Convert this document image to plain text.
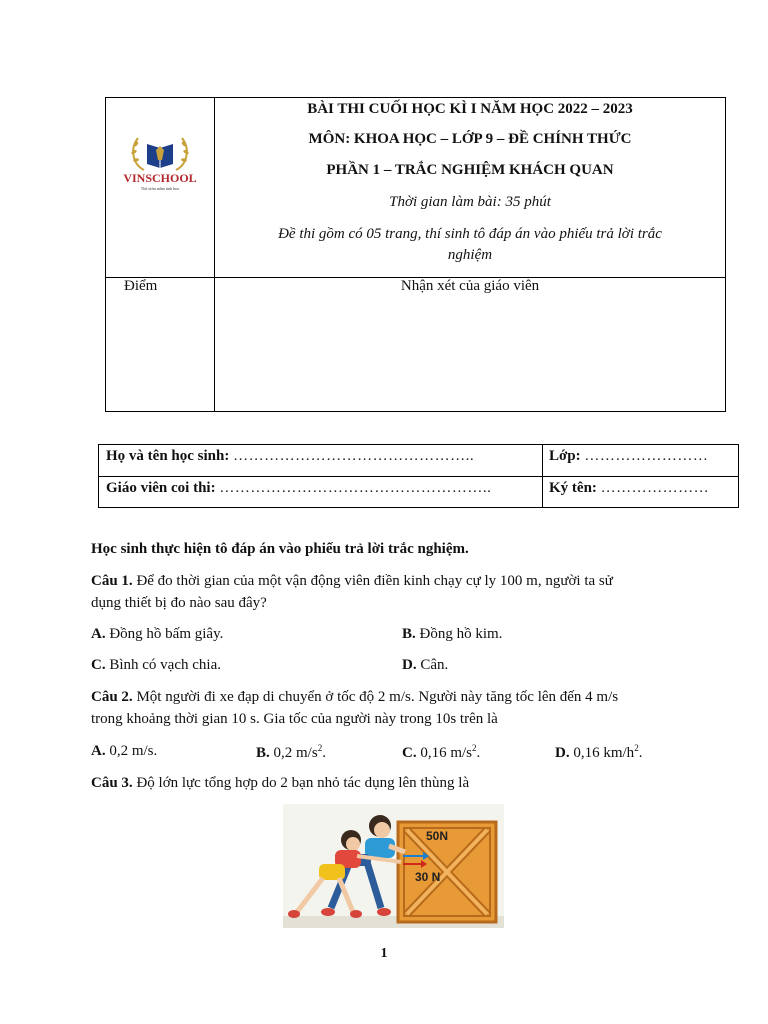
VINSCHOOL
Nơi ươm mầm tinh hoa
BÀI THI CUỐI HỌC KÌ I NĂM HỌC 2022 – 2023
MÔN: KHOA HỌC – LỚP 9 – ĐỀ CHÍNH THỨC
PHẦN 1 – TRẮC NGHIỆM KHÁCH QUAN
Thời gian làm bài: 35 phút
Đề thi gồm có 05 trang, thí sinh tô đáp án vào phiếu trả lời trắc
nghiệm
Điểm	Nhận xét của giáo viên
Họ và tên học sinh: ………………………………………..	Lớp: ……………………
Giáo viên coi thi: ……………………………………………..	Ký tên: …………………
Học sinh thực hiện tô đáp án vào phiếu trả lời trắc nghiệm.
Câu 1. Để đo thời gian của một vận động viên điền kinh chạy cự ly 100 m, người ta sử
dụng thiết bị đo nào sau đây?
A. Đồng hồ bấm giây.	B. Đồng hồ kim.
C. Bình có vạch chia.	D. Cân.
Câu 2. Một người đi xe đạp di chuyển ở tốc độ 2 m/s. Người này tăng tốc lên đến 4 m/s
trong khoảng thời gian 10 s. Gia tốc của người này trong 10s trên là
A. 0,2 m/s.	B. 0,2 $m/s^2$.	C. 0,16 $m/s^2$.	D. 0,16 $km/h^2$.
Câu 3. Độ lớn lực tổng hợp do 2 bạn nhỏ tác dụng lên thùng là
50N
30 N
1
